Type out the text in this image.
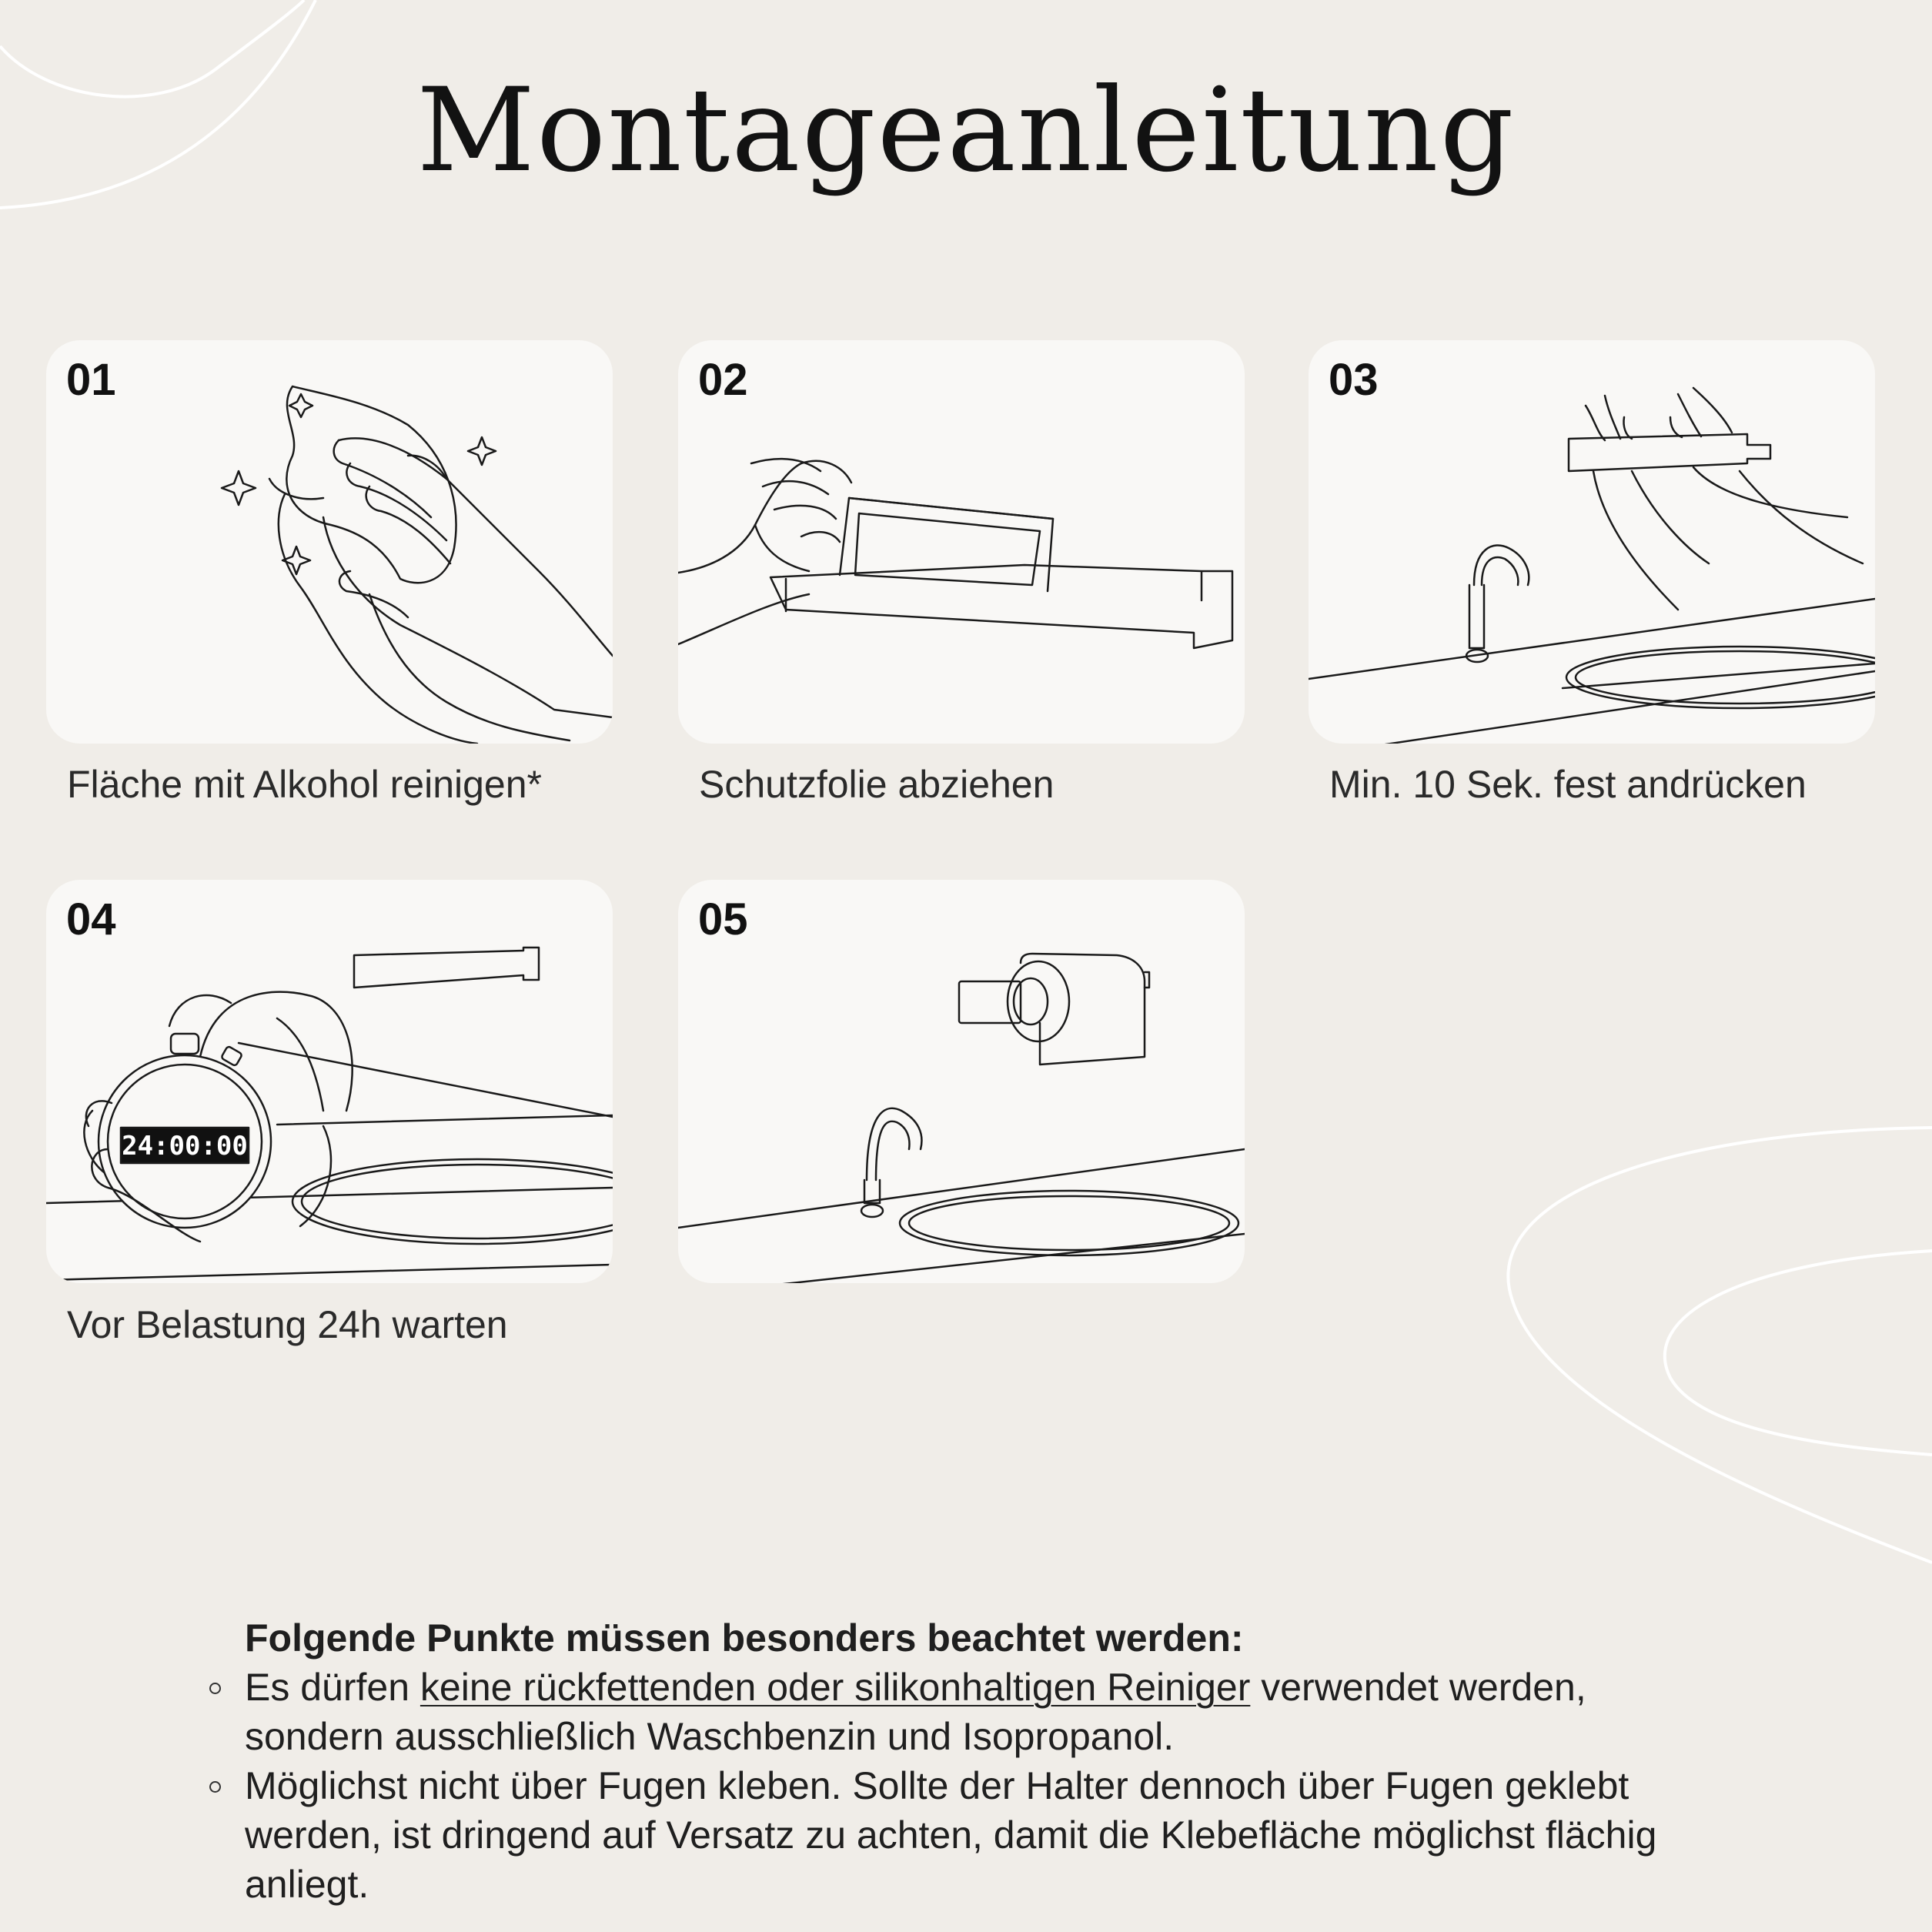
Montageanleitung
01
Fläche mit Alkohol reinigen*
02
Schutzfolie abziehen
03
Min. 10 Sek. fest andrücken
24:00:00
04
Vor Belastung 24h warten
05
Folgende Punkte müssen besonders beachtet werden:
Es dürfen keine rückfettenden oder silikonhaltigen Reiniger verwendet werden, sondern ausschließlich Waschbenzin und Isopropanol.
Möglichst nicht über Fugen kleben. Sollte der Halter dennoch über Fugen geklebt werden, ist dringend auf Versatz zu achten, damit die Klebefläche möglichst flächig anliegt.
